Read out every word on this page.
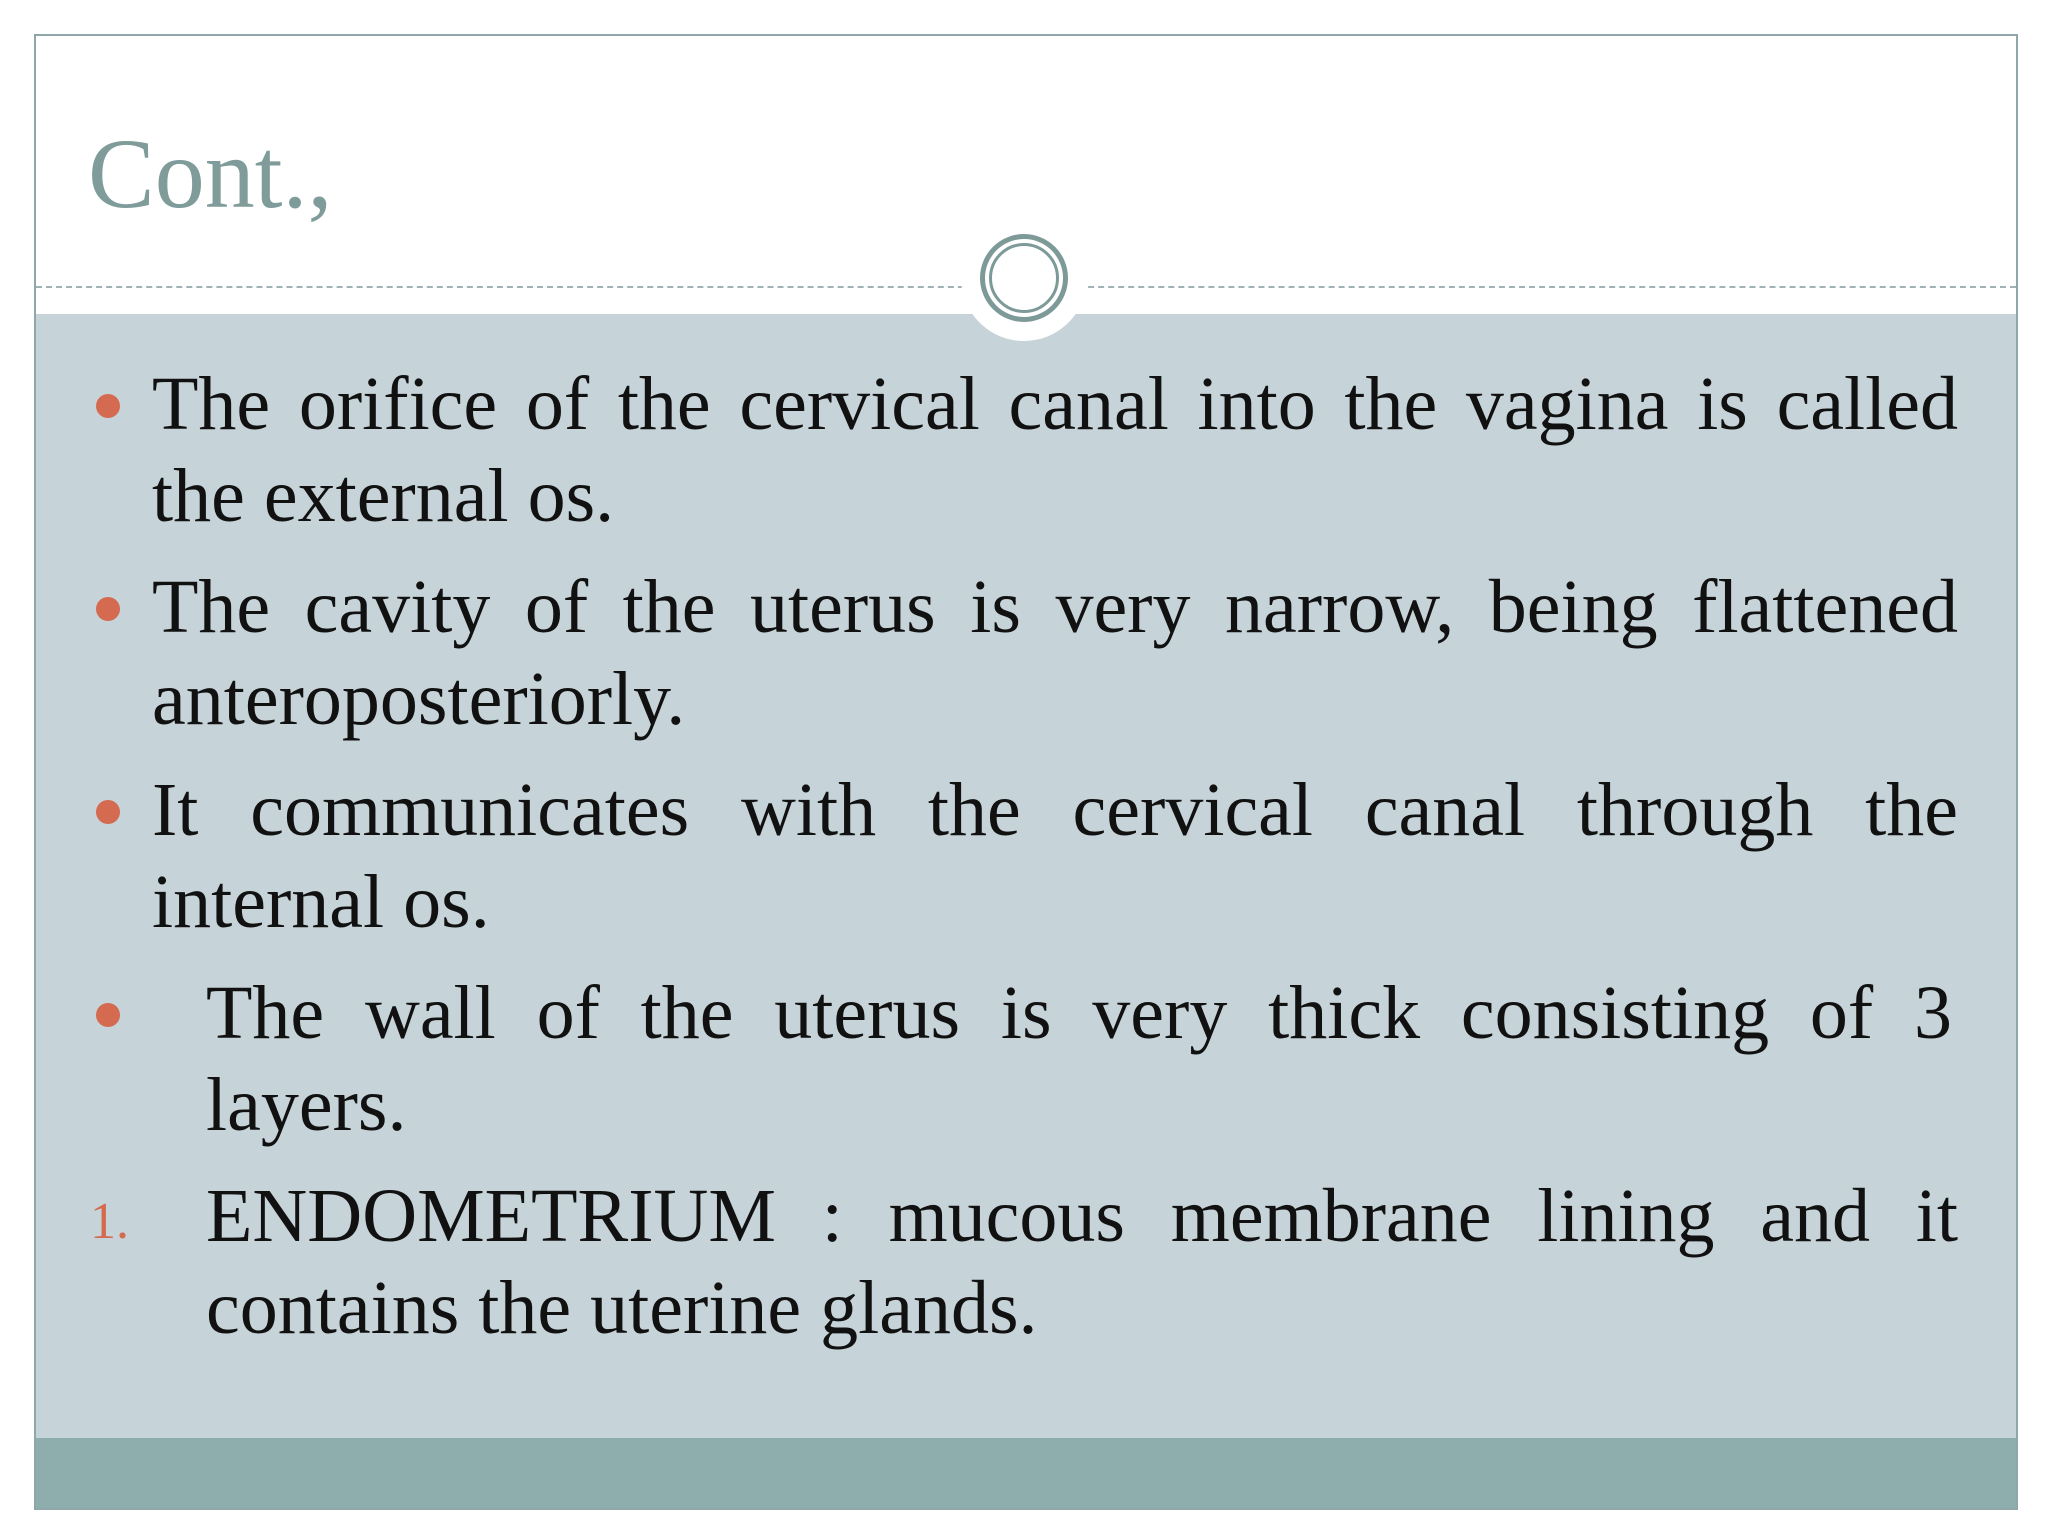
Cont.,
The orifice of the cervical canal into the vagina is called the external os.
The cavity of the uterus is very narrow, being flattened anteroposteriorly.
It communicates with the cervical canal through the internal os.
The wall of the uterus is very thick consisting of 3 layers.
1. ENDOMETRIUM : mucous membrane lining and it contains the uterine glands.
